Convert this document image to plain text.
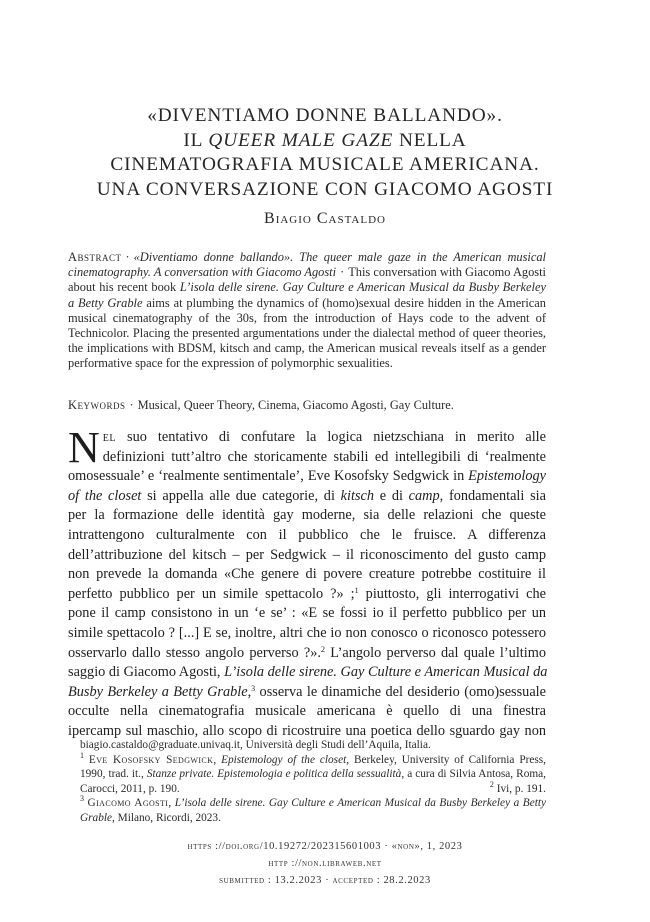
«DIVENTIAMO DONNE BALLANDO».
IL QUEER MALE GAZE NELLA
CINEMATOGRAFIA MUSICALE AMERICANA.
UNA CONVERSAZIONE CON GIACOMO AGOSTI
Biagio Castaldo
Abstract · «Diventiamo donne ballando». The queer male gaze in the American musical cinematography. A conversation with Giacomo Agosti · This conversation with Giacomo Agosti about his recent book L’isola delle sirene. Gay Culture e American Musical da Busby Berkeley a Betty Grable aims at plumbing the dynamics of (homo)sexual desire hidden in the American musical cinematography of the 30s, from the introduction of Hays code to the advent of Technicolor. Placing the presented argumentations under the dialectal method of queer theories, the implications with BDSM, kitsch and camp, the American musical reveals itself as a gender performative space for the expression of polymorphic sexualities.
Keywords · Musical, Queer Theory, Cinema, Giacomo Agosti, Gay Culture.
N el suo tentativo di confutare la logica nietzschiana in merito alle
definizioni tutt’altro che storicamente stabili ed intellegibili di ‘realmente
omosessuale’ e ‘realmente sentimentale’, Eve Kosofsky Sedgwick in Epistemology
of the closet si appella alle due categorie, di kitsch e di camp, fondamentali sia
per la formazione delle identità gay moderne, sia delle relazioni che queste
intrattengono culturalmente con il pubblico che le fruisce. A differenza
dell’attribuzione del kitsch – per Sedgwick – il riconoscimento del gusto camp
non prevede la domanda «Che genere di povere creature potrebbe costituire il
perfetto pubblico per un simile spettacolo ?» ;$^1$ piuttosto, gli interrogativi che
pone il camp consistono in un ‘e se’ : «E se fossi io il perfetto pubblico per un
simile spettacolo ? [...] E se, inoltre, altri che io non conosco o riconosco potessero
osservarlo dallo stesso angolo perverso ?».$^2$ L’angolo perverso dal quale l’ultimo
saggio di Giacomo Agosti, L’isola delle sirene. Gay Culture e American Musical da
Busby Berkeley a Betty Grable,$^3$ osserva le dinamiche del desiderio (omo)sessuale
occulte nella cinematografia musicale americana è quello di una finestra
ipercamp sul maschio, allo scopo di ricostruire una poetica dello sguardo gay non
biagio.castaldo@graduate.univaq.it, Università degli Studi dell’Aquila, Italia.
$^1$ Eve Kosofsky Sedgwick, Epistemology of the closet, Berkeley, University of California Press, 1990, trad. it., Stanze private. Epistemologia e politica della sessualità, a cura di Silvia Antosa, Roma, Carocci, 2011, p. 190.	$^2$ Ivi, p. 191.
$^3$ Giacomo Agosti, L’isola delle sirene. Gay Culture e American Musical da Busby Berkeley a Betty Grable, Milano, Ricordi, 2023.
https ://doi.org/10.19272/202315601003 · «non», 1, 2023
http ://non.libraweb.net
submitted : 13.2.2023 · accepted : 28.2.2023
